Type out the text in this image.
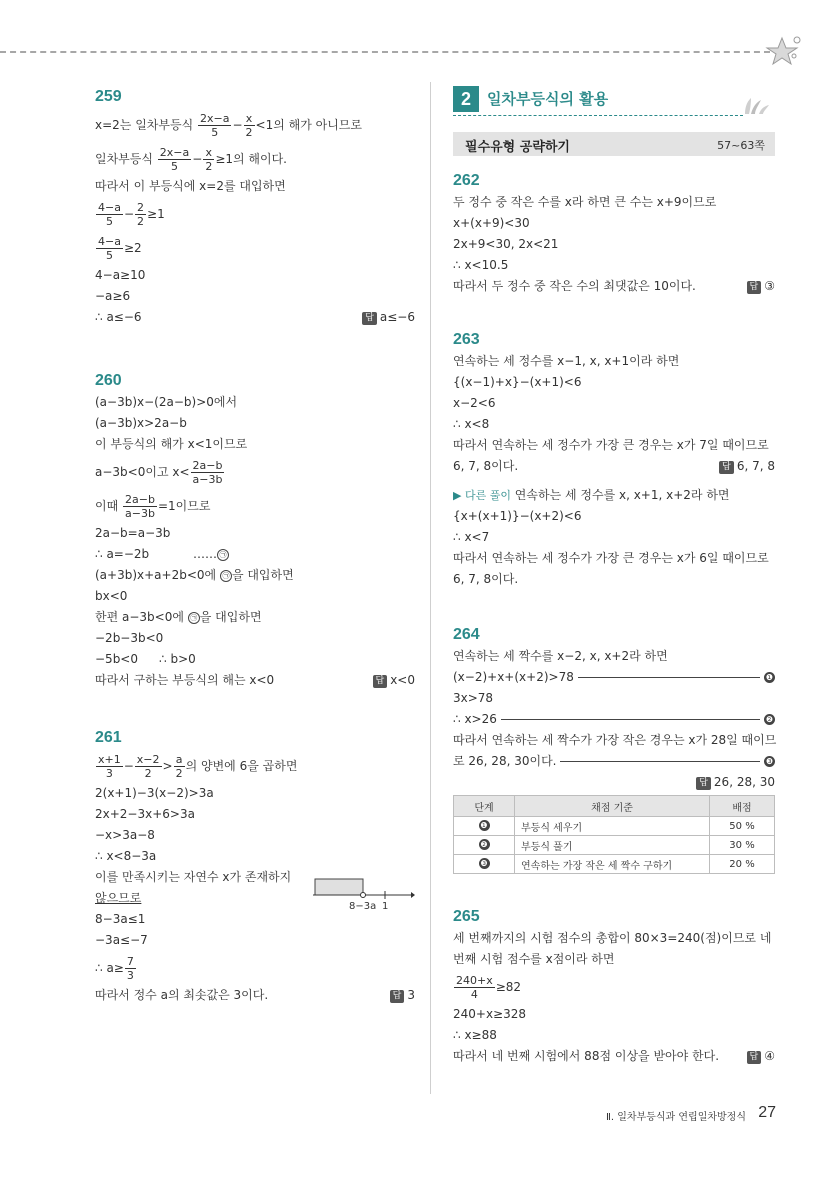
259
x=2는 일차부등식 $\frac{2x-a}{5} - \frac{x}{2} <1$의 해가 아니므로
일차부등식 $\frac{2x-a}{5} - \frac{x}{2} \ge 1$의 해이다.
따라서 이 부등식에 x=2를 대입하면
$\frac{4-a}{5} - \frac{2}{2} \ge 1$
$\frac{4-a}{5} \ge 2$
4−a≥10
−a≥6
∴ a≤−6	답 a≤−6
260
(a−3b)x−(2a−b)>0에서
(a−3b)x>2a−b
이 부등식의 해가 x<1이므로
a−3b<0이고 $x< \frac{2a-b}{a-3b}$
이때 $\frac{2a-b}{a-3b} =1$이므로
2a−b=a−3b
∴ a=−2b	…… ㉠
(a+3b)x+a+2b<0에 ㉠ 을 대입하면
bx<0
한편 a−3b<0에 ㉠ 을 대입하면
−2b−3b<0
−5b<0 ∴ b>0
따라서 구하는 부등식의 해는 x<0	답 x<0
261
$\frac{x+1}{3} - \frac{x-2}{2} > \frac{a}{2}$ 의 양변에 6을 곱하면
2(x+1)−3(x−2)>3a
2x+2−3x+6>3a
−x>3a−8
∴ x<8−3a
이를 만족시키는 자연수 x가 존재하지
않으므로
8−3a≤1
−3a≤−7
∴ $a\ge \frac{7}{3}$
따라서 정수 a의 최솟값은 3이다.	답 3
8−3a 1
2	일차부등식의 활용
필수유형 공략하기	57~63쪽
262
두 정수 중 작은 수를 x라 하면 큰 수는 x+9이므로
x+(x+9)<30
2x+9<30, 2x<21
∴ x<10.5
따라서 두 정수 중 작은 수의 최댓값은 10이다.	답 ③
263
연속하는 세 정수를 x−1, x, x+1이라 하면
{(x−1)+x}−(x+1)<6
x−2<6
∴ x<8
따라서 연속하는 세 정수가 가장 큰 경우는 x가 7일 때이므로
6, 7, 8이다.	답 6, 7, 8
▶ 다른 풀이 연속하는 세 정수를 x, x+1, x+2라 하면
{x+(x+1)}−(x+2)<6
∴ x<7
따라서 연속하는 세 정수가 가장 큰 경우는 x가 6일 때이므로
6, 7, 8이다.
264
연속하는 세 짝수를 x−2, x, x+2라 하면
(x−2)+x+(x+2)>78	❶
3x>78
∴ x>26	❷
따라서 연속하는 세 짝수가 가장 작은 경우는 x가 28일 때이므
로 26, 28, 30이다.	❸
답 26, 28, 30
단계	채점 기준	배점
❶	부등식 세우기	50 %
❷	부등식 풀기	30 %
❸	연속하는 가장 작은 세 짝수 구하기	20 %
265
세 번째까지의 시험 점수의 총합이 80×3=240(점)이므로 네
번째 시험 점수를 x점이라 하면
$\frac{240+x}{4} \ge 82$
240+x≥328
∴ x≥88
따라서 네 번째 시험에서 88점 이상을 받아야 한다.	답 ④
Ⅱ. 일차부등식과 연립일차방정식 27
